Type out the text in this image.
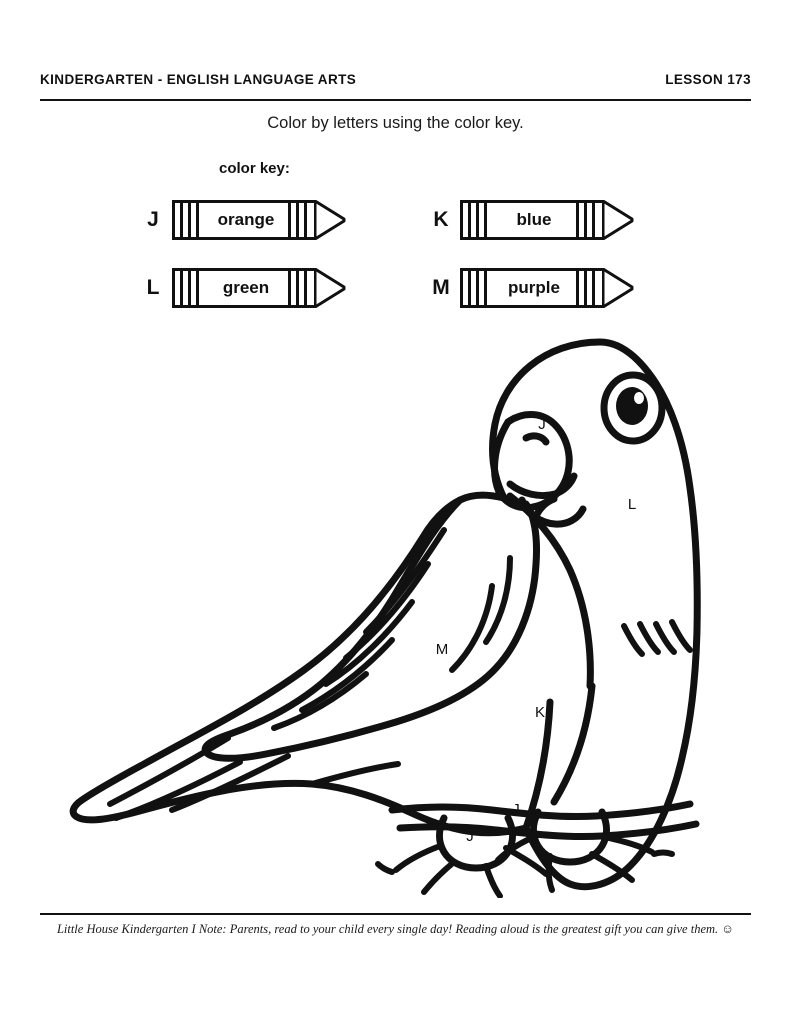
KINDERGARTEN - ENGLISH LANGUAGE ARTS	LESSON 173
Color by letters using the color key.
color key:
J	orange	K	blue
L	green	M	purple
J
J
L
M
K
J
J
Little House Kindergarten I Note: Parents, read to your child every single day! Reading aloud is the greatest gift you can give them. ☺
